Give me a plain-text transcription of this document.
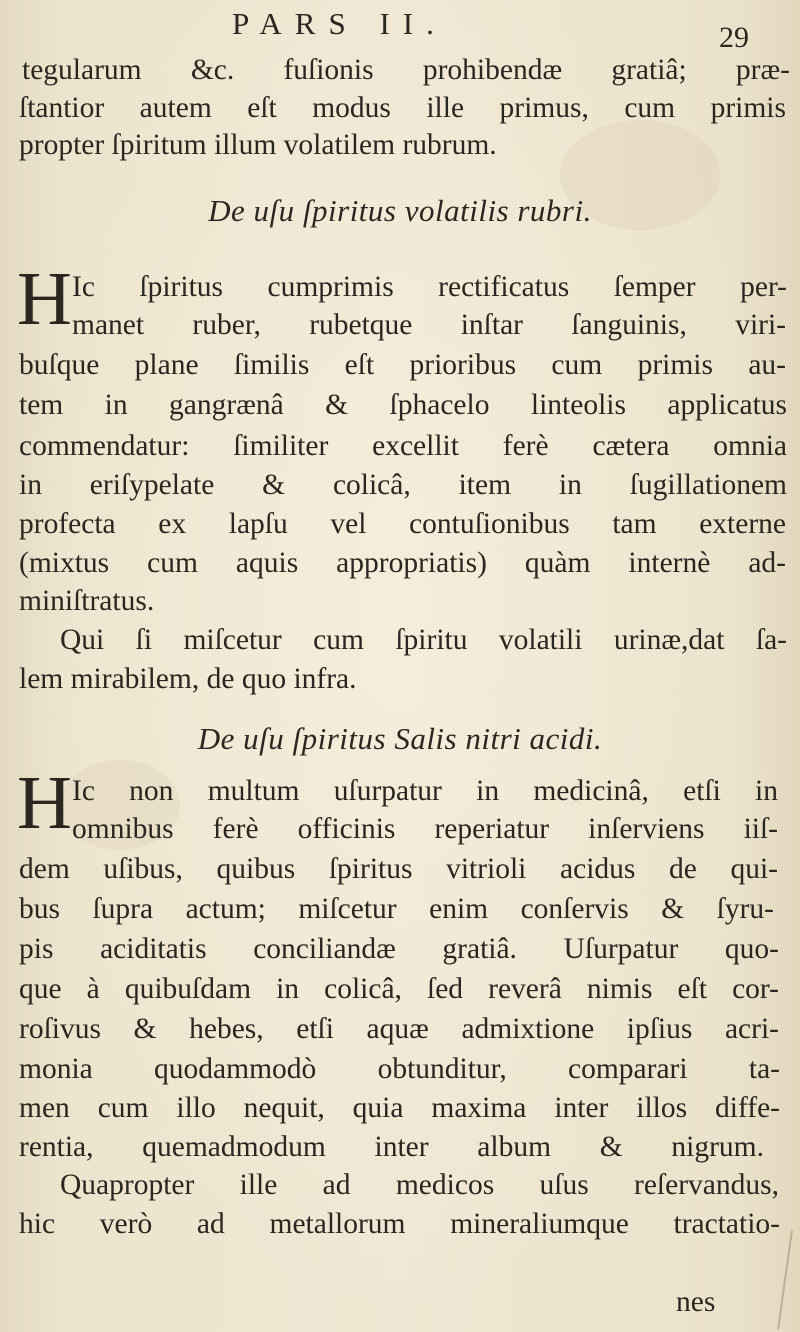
PARS II.	29
tegularum &c. fuſionis prohibendæ gratiâ; præ-
ſtantior autem eſt modus ille primus, cum primis
propter ſpiritum illum volatilem rubrum.
De uſu ſpiritus volatilis rubri.
H Ic ſpiritus cumprimis rectificatus ſemper per-
manet ruber, rubetque inſtar ſanguinis, viri-
buſque plane ſimilis eſt prioribus cum primis au-
tem in gangrænâ & ſphacelo linteolis applicatus
commendatur: ſimiliter excellit ferè cætera omnia
in eriſypelate & colicâ, item in ſugillationem
profecta ex lapſu vel contuſionibus tam externe
(mixtus cum aquis appropriatis) quàm internè ad-
miniſtratus.
Qui ſi miſcetur cum ſpiritu volatili urinæ,dat ſa-
lem mirabilem, de quo infra.
De uſu ſpiritus Salis nitri acidi.
H Ic non multum uſurpatur in medicinâ, etſi in
omnibus ferè officinis reperiatur inſerviens iiſ-
dem uſibus, quibus ſpiritus vitrioli acidus de qui-
bus ſupra actum; miſcetur enim conſervis & ſyru-
pis aciditatis conciliandæ gratiâ. Uſurpatur quo-
que à quibuſdam in colicâ, ſed reverâ nimis eſt cor-
roſivus & hebes, etſi aquæ admixtione ipſius acri-
monia quodammodò obtunditur, comparari ta-
men cum illo nequit, quia maxima inter illos diffe-
rentia, quemadmodum inter album & nigrum.
Quapropter ille ad medicos uſus reſervandus,
hic verò ad metallorum mineraliumque tractatio-
nes
